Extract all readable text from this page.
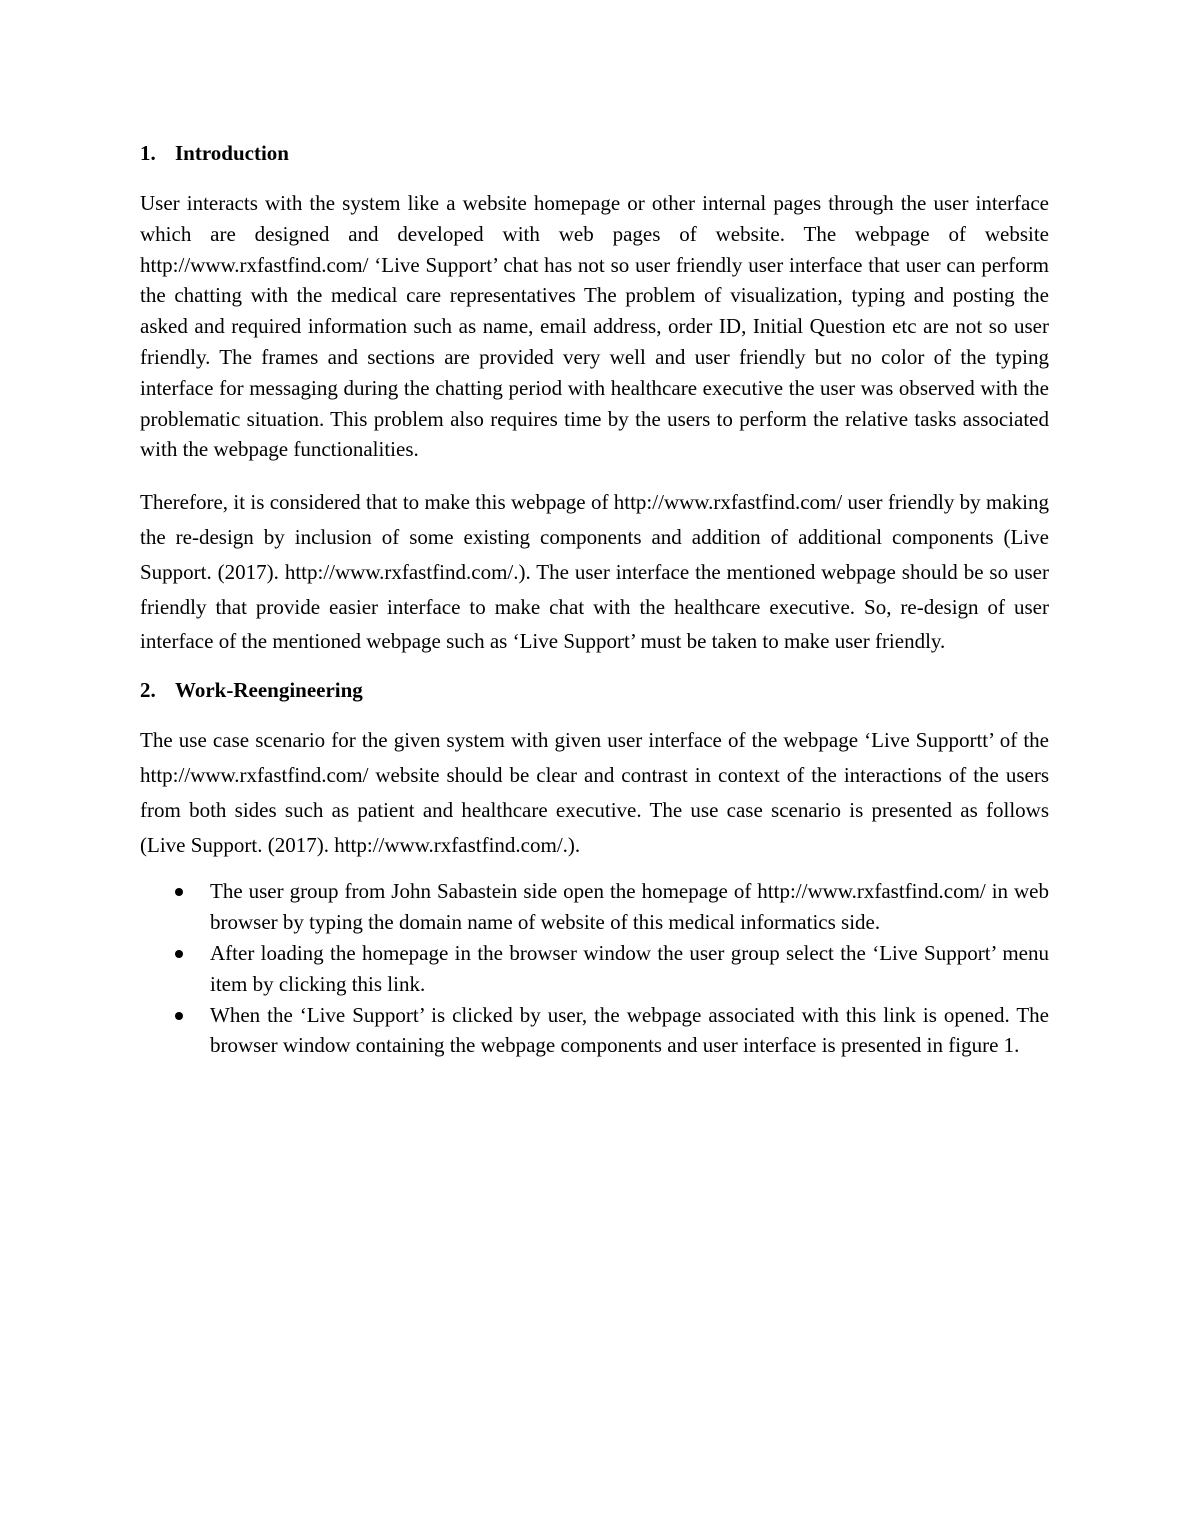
1. Introduction

User interacts with the system like a website homepage or other internal pages through the user interface which are designed and developed with web pages of website. The webpage of website http://www.rxfastfind.com/ ‘Live Support’ chat has not so user friendly user interface that user can perform the chatting with the medical care representatives The problem of visualization, typing and posting the asked and required information such as name, email address, order ID, Initial Question etc are not so user friendly. The frames and sections are provided very well and user friendly but no color of the typing interface for messaging during the chatting period with healthcare executive the user was observed with the problematic situation. This problem also requires time by the users to perform the relative tasks associated with the webpage functionalities.

Therefore, it is considered that to make this webpage of http://www.rxfastfind.com/ user friendly by making the re-design by inclusion of some existing components and addition of additional components (Live Support. (2017). http://www.rxfastfind.com/.). The user interface the mentioned webpage should be so user friendly that provide easier interface to make chat with the healthcare executive. So, re-design of user interface of the mentioned webpage such as ‘Live Support’ must be taken to make user friendly.

2. Work-Reengineering

The use case scenario for the given system with given user interface of the webpage ‘Live Supportt’ of the http://www.rxfastfind.com/ website should be clear and contrast in context of the interactions of the users from both sides such as patient and healthcare executive. The use case scenario is presented as follows (Live Support. (2017). http://www.rxfastfind.com/.).

The user group from John Sabastein side open the homepage of http://www.rxfastfind.com/ in web browser by typing the domain name of website of this medical informatics side.
After loading the homepage in the browser window the user group select the ‘Live Support’ menu item by clicking this link.
When the ‘Live Support’ is clicked by user, the webpage associated with this link is opened. The browser window containing the webpage components and user interface is presented in figure 1.
